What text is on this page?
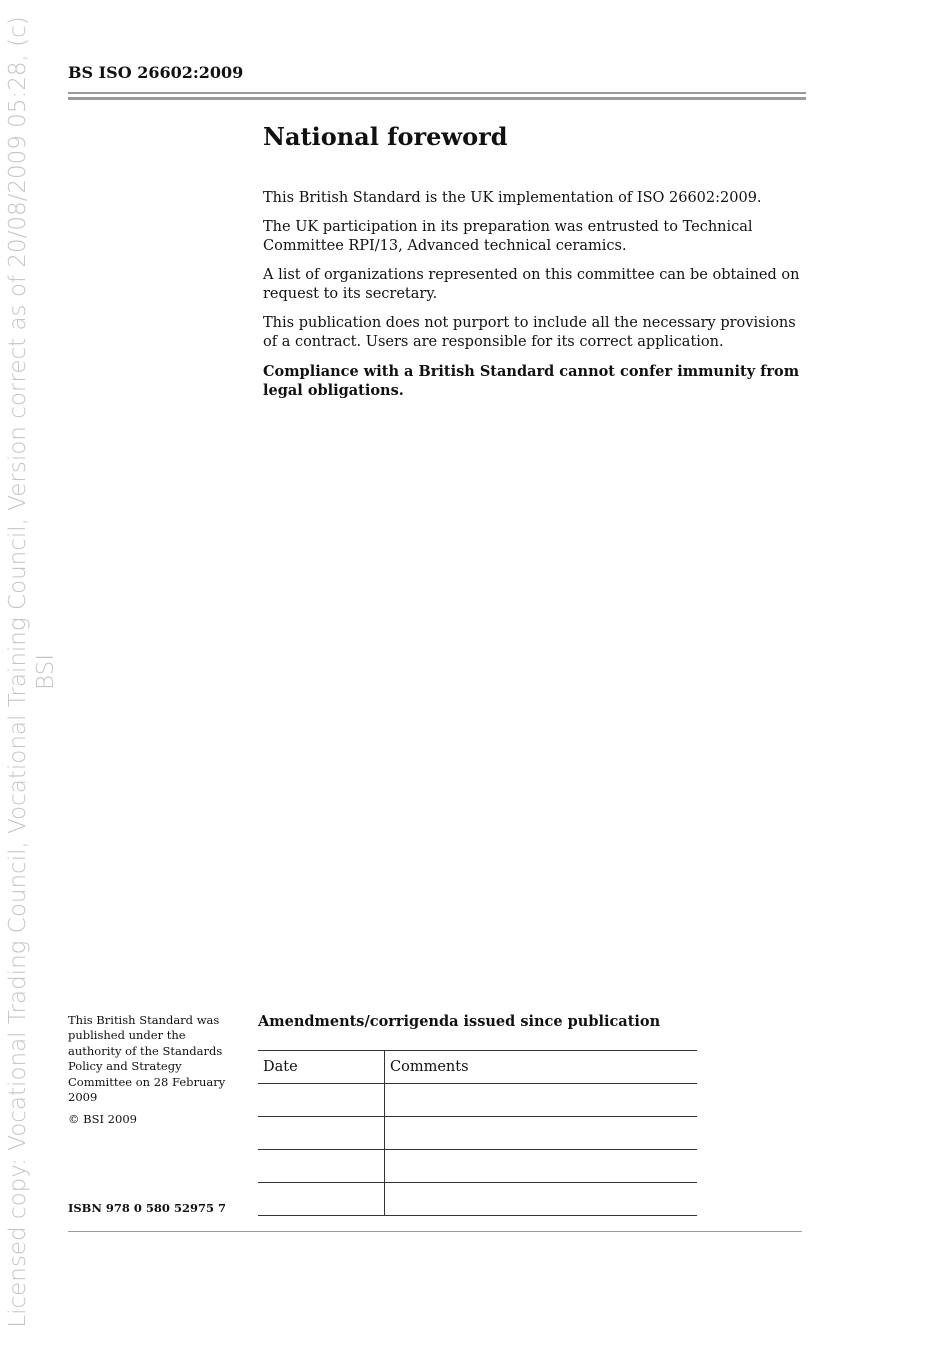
Licensed copy: Vocational Trading Council, Vocational Training Council, Version correct as of 20/08/2009 05:28, (c) BSI
BS ISO 26602:2009
National foreword

This British Standard is the UK implementation of ISO 26602:2009.

The UK participation in its preparation was entrusted to Technical Committee RPI/13, Advanced technical ceramics.

A list of organizations represented on this committee can be obtained on request to its secretary.

This publication does not purport to include all the necessary provisions of a contract. Users are responsible for its correct application.

Compliance with a British Standard cannot confer immunity from legal obligations.

This British Standard was published under the authority of the Standards Policy and Strategy Committee on 28 February 2009

© BSI 2009

ISBN 978 0 580 52975 7
Amendments/corrigenda issued since publication
Date	Comments
